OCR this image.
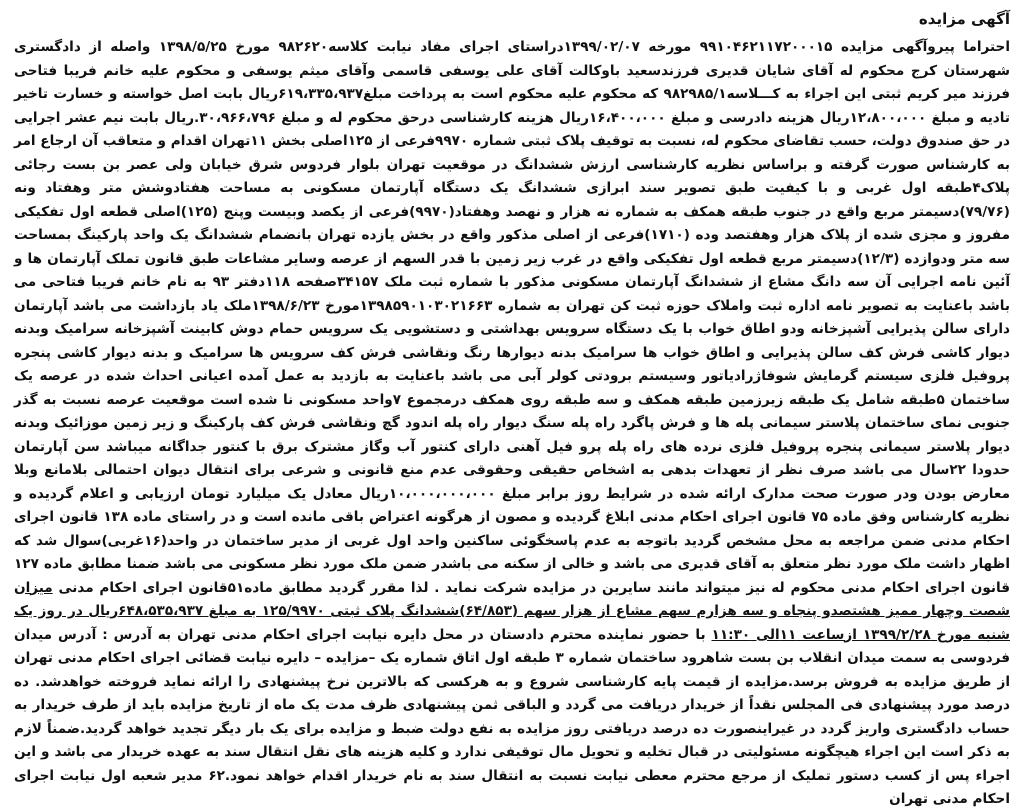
آگهی مزایده

احتراما پیروآگهی مزایده ۹۹۱۰۴۶۲۱۱۷۲۰۰۰۱۵ مورخه ۱۳۹۹/۰۲/۰۷دراستای اجرای مفاد نیابت کلاسه۹۸۲۶۲۰ مورخ ۱۳۹۸/۵/۲۵ واصله از دادگستری شهرستان کرج محکوم له آقای شایان قدیری فرزندسعید باوکالت آقای علی یوسفی قاسمی وآقای میثم یوسفی و محکوم علیه خانم فریبا فتاحی فرزند میر کریم ثبتی این اجراء به کـــلاسه۹۸۲۹۸۵/۱ که محکوم علیه محکوم است به پرداخت مبلغ۶۱۹،۳۳۵،۹۳۷ریال بابت اصل خواسته و خسارت تاخیر تادیه و مبلغ ۱۲،۸۰۰،۰۰۰ریال هزینه دادرسی و مبلغ ۱۶،۴۰۰،۰۰۰ریال هزینه کارشناسی درحق محکوم له و مبلغ ۳۰،۹۶۶،۷۹۶.ریال بابت نیم عشر اجرایی در حق صندوق دولت، حسب تقاضای محکوم له، نسبت به توقیف پلاک ثبتی شماره ۹۹۷۰فرعی از ۱۲۵اصلی بخش ۱۱تهران اقدام و متعاقب آن ارجاع امر به کارشناس صورت گرفته و براساس نظریه کارشناسی ارزش ششدانگ در موقعیت تهران بلوار فردوس شرق خیابان ولی عصر بن بست رجائی پلاک۴طبقه اول غربی و با کیفیت طبق تصویر سند ابرازی ششدانگ یک دستگاه آپارتمان مسکونی به مساحت هفتادوشش متر وهفتاد ونه (۷۹/۷۶)دسیمتر مربع واقع در جنوب طبقه همکف به شماره نه هزار و نهصد وهفتاد(۹۹۷۰)فرعی از یکصد وبیست وپنج (۱۲۵)اصلی قطعه اول تفکیکی مفروز و مجزی شده از پلاک هزار وهفتصد وده (۱۷۱۰)فرعی از اصلی مذکور واقع در بخش یازده تهران بانضمام ششدانگ یک واحد پارکینگ بمساحت سه متر ودوازده (۱۲/۳)دسیمتر مربع قطعه اول تفکیکی واقع در غرب زیر زمین با قدر السهم از عرصه وسایر مشاعات طبق قانون تملک آپارتمان ها و آئین نامه اجرایی آن سه دانگ مشاع از ششدانگ آپارتمان مسکونی مذکور با شماره ثبت ملک ۳۴۱۵۷صفحه ۱۱۸دفتر ۹۳ به نام خانم فریبا فتاحی می باشد باعنایت به تصویر نامه اداره ثبت واملاک حوزه ثبت کن تهران به شماره ۱۳۹۸۵۹۰۱۰۳۰۲۱۶۶۳مورخ ۱۳۹۸/۶/۲۳ملک یاد بازداشت می باشد آپارتمان دارای سالن پذیرایی آشپزخانه ودو اطاق خواب با یک دستگاه سرویس بهداشتی و دستشویی یک سرویس حمام دوش کابینت آشپزخانه سرامیک وبدنه دیوار کاشی فرش کف سالن پذیرایی و اطاق خواب ها سرامیک بدنه دیوارها رنگ ونقاشی فرش کف سرویس ها سرامیک و بدنه دیوار کاشی پنجره پروفیل فلزی سیستم گرمایش شوفاژرادیاتور وسیستم برودتی کولر آبی می باشد باعنایت به بازدید به عمل آمده اعیانی احداث شده در عرصه یک ساختمان ۵طبقه شامل یک طبقه زیرزمین طبقه همکف و سه طبقه روی همکف درمجموع ۷واحد مسکونی نا شده است موقعیت عرصه نسبت به گذر جنوبی نمای ساختمان پلاستر سیمانی پله ها و فرش پاگرد راه پله سنگ دیوار راه پله اندود گچ ونقاشی فرش کف پارکینگ و زیر زمین موزائیک وبدنه دیوار پلاستر سیمانی پنجره پروفیل فلزی نرده های راه پله پرو فیل آهنی دارای کنتور آب وگاز مشترک برق با کنتور جداگانه میباشد سن آپارتمان حدودا ۲۲سال می باشد صرف نظر از تعهدات بدهی به اشخاص حقیقی وحقوقی عدم منع قانونی و شرعی برای انتقال دیوان احتمالی بلامانع وبلا معارض بودن ودر صورت صحت مدارک ارائه شده در شرایط روز برابر مبلغ ۱۰،۰۰۰،۰۰۰،۰۰۰ریال معادل یک میلیارد تومان ارزیابی و اعلام گردیده و نظریه کارشناس وفق ماده ۷۵ قانون اجرای احکام مدنی ابلاغ گردیده و مصون از هرگونه اعتراض باقی مانده است و در راستای ماده ۱۳۸ قانون اجرای احکام مدنی ضمن مراجعه به محل مشخص گردید باتوجه به عدم پاسخگوئی ساکنین واحد اول غربی از مدیر ساختمان در واحد(۱۶غربی)سوال شد که اظهار داشت ملک مورد نظر متعلق به آقای قدیری می باشد و خالی از سکنه می باشدر ضمن ملک مورد نظر مسکونی می باشد ضمنا مطابق ماده ۱۲۷ قانون اجرای احکام مدنی محکوم له نیز میتواند مانند سایرین در مزایده شرکت نماید . لذا مقرر گردید مطابق ماده۵۱قانون اجرای احکام مدنی میزان شصت وچهار ممیز هشتصدو پنجاه و سه هزارم سهم مشاع از هزار سهم (۶۴/۸۵۳)ششدانگ پلاک ثبتی ۱۲۵/۹۹۷۰ به مبلغ ۶۴۸،۵۳۵،۹۳۷ریال در روز یک شنبه مورخ ۱۳۹۹/۲/۲۸ ازساعت ۱۱الی ۱۱:۳۰ با حضور نماینده محترم دادستان در محل دایره نیابت اجرای احکام مدنی تهران به آدرس : آدرس میدان فردوسی به سمت میدان انقلاب بن بست شاهرود ساختمان شماره ۳ طبقه اول اتاق شماره یک –مزایده – دایره نیابت قضائی اجرای احکام مدنی تهران از طریق مزایده به فروش برسد.مزایده از قیمت پایه کارشناسی شروع و به هرکسی که بالاترین نرخ پیشنهادی را ارائه نماید فروخته خواهدشد. ده درصد مورد پیشنهادی فی المجلس نقداً از خریدار دریافت می گردد و الباقی ثمن پیشنهادی ظرف مدت یک ماه از تاریخ مزایده باید از طرف خریدار به حساب دادگستری واریز گردد در غیراینصورت ده درصد دریافتی روز مزایده به نفع دولت ضبط و مزایده برای یک بار دیگر تجدید خواهد گردید.ضمناً لازم به ذکر است این اجراء هیچگونه مسئولیتی در قبال تخلیه و تحویل مال توقیفی ندارد و کلیه هزینه های نقل انتقال سند به عهده خریدار می باشد و این اجراء پس از کسب دستور تملیک از مرجع محترم معطی نیابت نسبت به انتقال سند به نام خریدار اقدام خواهد نمود.۶۲ مدیر شعبه اول نیابت اجرای احکام مدنی تهران
